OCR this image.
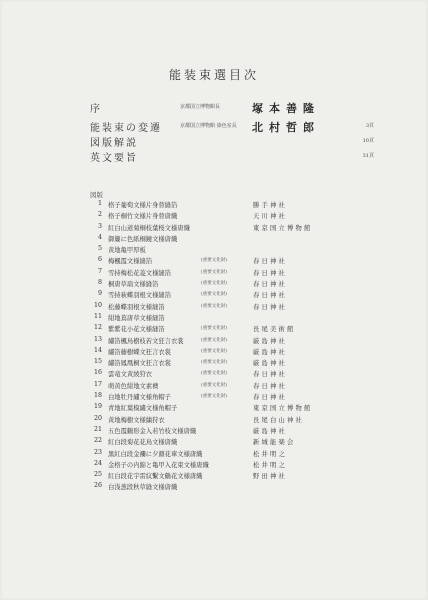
能装束選目次
序	京都国立博物館長	塚本善隆
能装束の変遷	京都国立博物館 染色室長 北村哲郎	3頁
図版解説	10頁
英文要旨	31頁
図版
1 格子葡萄文様片身替縫箔	勝手神社
2 格子桐竹文様片身替唐織	天川神社
3 紅白山道菊桐枝葉桜文様唐織	東京国立博物館
4 御簾に色紙桐鏡文様唐織
5 黄地亀甲厚板
6 梅楓霞文様縫箔	(重要文化財)	春日神社
7 雪持梅松花菱文様縫箔	(重要文化財)	春日神社
8 桐唐草扇文様縫箔	(重要文化財)	春日神社
9 雪持萩蝶羽根文様縫箔	(重要文化財)	春日神社
10 松藤蝶羽根文様縫箔	(重要文化財)	春日神社
11 紺地蔦唐草文様縫箔
12 紫紫花小花文様縫箔	(重要文化財)	長尾美術館
13 繡箔楓鳥樹枝若文狂言衣裳	(重要文化財)	厳島神社
14 繡箔藤樹蝶文狂言衣裳	(重要文化財)	厳島神社
15 繡箔鳳凰桐文狂言衣裳	(重要文化財)	厳島神社
16 雲竜文黄綾狩衣	(重要文化財)	春日神社
17 萌黄色紺地文素襖	(重要文化財)	春日神社
18 白地牡丹繡文様角帽子	(重要文化財)	春日神社
19 青地紅葉模繡文様角帽子	東京国立博物館
20 黄地梅樹文様繍狩衣	長尾白山神社
21 五色霞鶴形金入若竹枝文様唐織	厳島神社
22 紅白段菊花花鳥文様唐織	新城能楽会
23 黒紅白段金襴に夕顔花車文様唐織	松井明之
24 金格子の内錦と亀甲入花束文様唐織	松井明之
25 紅白段花宇雷紋繫文鶴花文様唐織	野田神社
26 白浅葱段秋草縫文様唐織
